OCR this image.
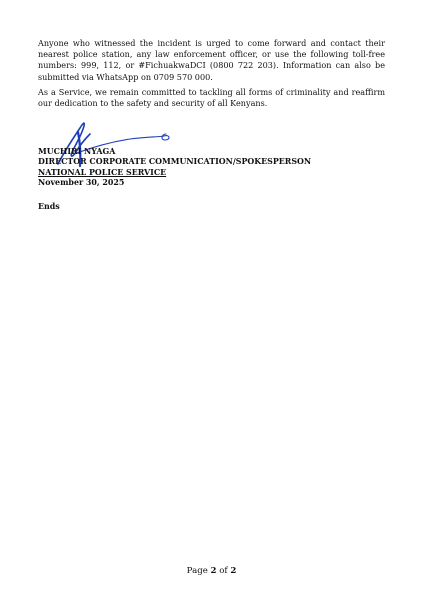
Anyone who witnessed the incident is urged to come forward and contact their nearest police station, any law enforcement officer, or use the following toll-free numbers: 999, 112, or #FichuakwaDCI (0800 722 203). Information can also be submitted via WhatsApp on 0709 570 000.

As a Service, we remain committed to tackling all forms of criminality and reaffirm our dedication to the safety and security of all Kenyans.

MUCHIRI NYAGA
DIRECTOR CORPORATE COMMUNICATION/SPOKESPERSON
NATIONAL POLICE SERVICE
November 30, 2025
Ends
Page 2 of 2
